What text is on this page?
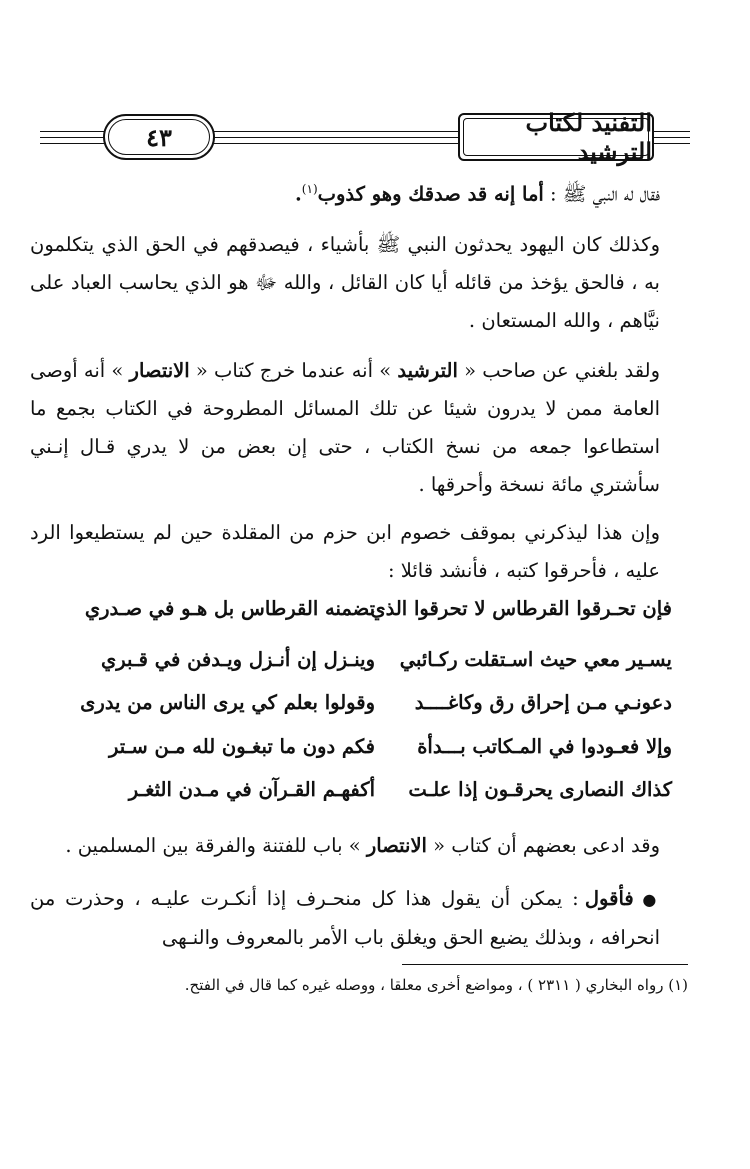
التفنيد لكتاب الترشيد
٤٣
فقال له النبي ﷺ : أما إنه قد صدقك وهو كذوب$^{(١)}$.
وكذلك كان اليهود يحدثون النبي ﷺ بأشياء ، فيصدقهم في الحق الذي يتكلمون به ، فالحق يؤخذ من قائله أيا كان القائل ، والله ﷻ هو الذي يحاسب العباد على نيَّاهم ، والله المستعان .
ولقد بلغني عن صاحب « الترشيد » أنه عندما خرج كتاب « الانتصار » أنه أوصى العامة ممن لا يدرون شيئا عن تلك المسائل المطروحة في الكتاب بجمع ما استطاعوا جمعه من نسخ الكتاب ، حتى إن بعض من لا يدري قـال إنـني سأشتري مائة نسخة وأحرقها .
وإن هذا ليذكرني بموقف خصوم ابن حزم من المقلدة حين لم يستطيعوا الرد عليه ، فأحرقوا كتبه ، فأنشد قائلا :
فإن تحـرقوا القرطاس لا تحرقوا الذي
تضمنه القرطاس بل هـو في صـدري
يسـير معي حيث اسـتقلت ركـائبي
وينـزل إن أنـزل ويـدفن في قـبري
دعونـي مـن إحراق رق وكاغــــد
وقولوا بعلم كي يرى الناس من يدرى
وإلا فعـودوا في المـكاتب بـــدأة
فكم دون ما تبغـون لله مـن سـتر
كذاك النصارى يحرقـون إذا علـت
أكفهـم القـرآن في مـدن الثغـر
وقد ادعى بعضهم أن كتاب « الانتصار » باب للفتنة والفرقة بين المسلمين .
● فأقول : يمكن أن يقول هذا كل منحـرف إذا أنكـرت عليـه ، وحذرت من انحرافه ، وبذلك يضيع الحق ويغلق باب الأمر بالمعروف والنـهى
(١) رواه البخاري ( ٢٣١١ ) ، ومواضع أخرى معلقا ، ووصله غيره كما قال في الفتح.
